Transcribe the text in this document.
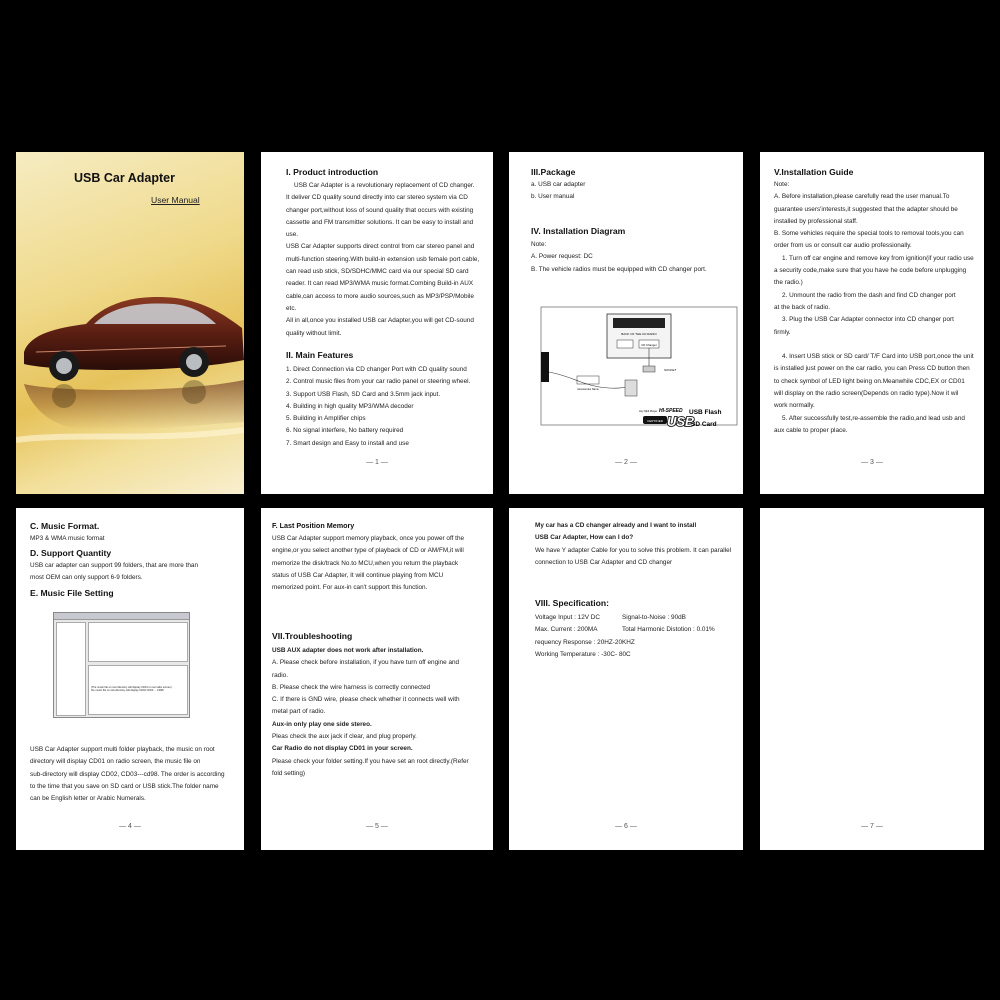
USB Car Adapter
User Manual
I. Product introduction

USB Car Adapter is a revolutionary replacement of CD changer.

It deliver CD quality sound directly into car stereo system via CD

changer port,without loss of sound quality that occurs with existing

cassette and FM transmitter solutions. It can be easy to install and

use.

USB Car Adapter supports direct control from car stereo panel and

multi-function steering.With build-in extension usb female port cable,

can read usb stick, SD/SDHC/MMC card via our special SD card

reader. It can read MP3/WMA music format.Combing Build-in AUX

cable,can access to more audio sources,such as MP3/PSP/Mobile

etc.

All in all,once you installed USB car Adapter,you will get CD-sound

quality without limit.

II. Main Features

1. Direct Connection via CD changer Port with CD quality sound

2. Control music files from your car radio panel or steering wheel.

3. Support USB Flash, SD Card and 3.5mm jack input.

4. Building in high quality MP3/WMA decoder

5. Building in Amplifier chips

6. No signal interfere, No battery required

7. Smart design and Easy to install and use

— 1 —
III.Package

a. USB car adapter

b. User manual

IV. Installation Diagram

Note:

A. Power request: DC

B. The vehicle radios must be equipped with CD changer port.

BACK OF THE CD RADIO
CD Changer
SOCKET
Accessories Name
Any Mp3 Player HI-SPEED USB Flash
CERTIFIED USB
SD Card
— 2 —
V.Installation Guide

Note:

A. Before installation,please carefully read the user manual.To

guarantee users'interests,it suggested that the adapter should be

installed by professional staff.

B. Some vehicles require the special tools to removal tools,you can

order from us or consult car audio professionally.

1. Turn off car engine and remove key from ignition(if your radio use

a security code,make sure that you have he code before unplugging

the radio.)

2. Unmount the radio from the dash and find CD changer port

at the back of radio.

3. Plug the USB Car Adapter connector into CD changer port

firmly.

4. Insert USB stick or SD card/ T/F Card into USB port,once the unit

is installed just power on the car radio, you can Press CD button then

to check symbol of LED light being on.Meanwhile CDC,EX or CD01

will display on the radio screen(Depends on radio type).Now it wil

work normally.

5. After successfully test,re-assemble the radio,and lead usb and

aux cable to proper place.

— 3 —
C. Music Format.

MP3 & WMA music format

D. Support Quantity

USB car adapter can support 99 folders, that are more than

most OEM can only support 6-9 folders.

E. Music File Setting
(The music file on root directory will display CD01 on car radio screen)
the music file on sub-directory will display CD02 CD03 ... CD98

USB Car Adapter support multi folder playback, the music on root

directory will display CD01 on radio screen, the music file on

sub-directory will display CD02, CD03---cd98. The order is according

to the time that you save on SD card or USB stick.The folder name

can be English letter or Arabic Numerals.

— 4 —
F. Last Position Memory

USB Car Adapter support memory playback, once you power off the

engine,or you select another type of playback of CD or AM/FM,it will

memorize the disk/track No.to MCU,when you return the playback

status of USB Car Adapter, It will continue playing from MCU

memorized point. For aux-in can't support this function.

VII.Troubleshooting

USB AUX adapter does not work after installation.

A. Please check before installation, if you have turn off engine and

radio.

B. Please check the wire harness is correctly connected

C. If there is GND wire, please check whether it connects well with

metal part of radio.

Aux-in only play one side stereo.

Pleas check the aux jack if clear, and plug properly.

Car Radio do not display CD01 in your screen.

Please check your folder setting.If you have set an root directly.(Refer

fold setting)

— 5 —

My car has a CD changer already and I want to install

USB Car Adapter, How can I do?

We have Y adapter Cable for you to solve this problem. It can parallel

connection to USB Car Adapter and CD changer

VIII. Specification:

Voltage Input : 12V DC	Signal-to-Noise : 90dB

Max. Current : 200MA	Total Harmonic Distotion : 0.01%

requency Response : 20HZ-20KHZ

Working Temperature : -30C- 80C

— 6 —	— 7 —
